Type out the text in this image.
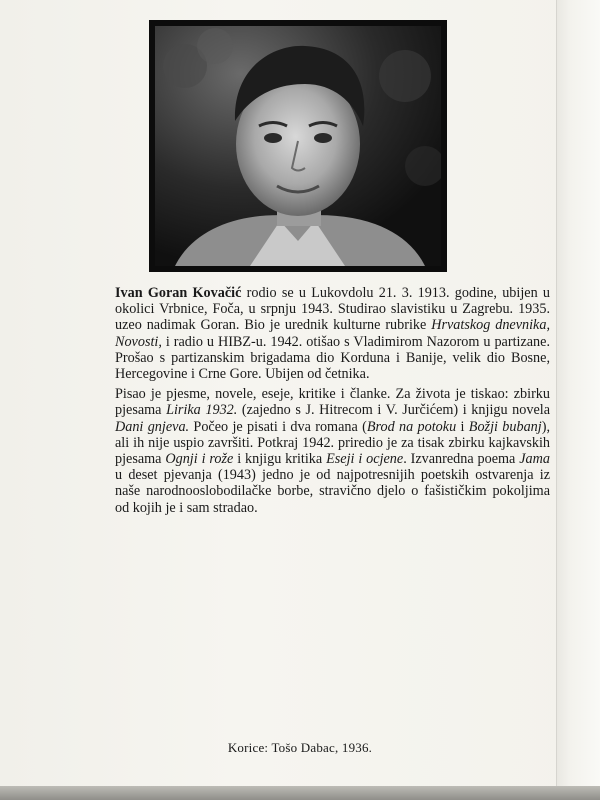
Ivan Goran Kovačić rodio se u Lukovdolu 21. 3. 1913. godine, ubijen u okolici Vrbnice, Foča, u srpnju 1943. Studirao slavistiku u Zagrebu. 1935. uzeo nadimak Goran. Bio je urednik kulturne rubrike Hrvatskog dnevnika, Novosti, i radio u HIBZ-u. 1942. otišao s Vladimirom Nazorom u partizane. Prošao s partizanskim brigadama dio Korduna i Banije, velik dio Bosne, Hercegovine i Crne Gore. Ubijen od četnika.

Pisao je pjesme, novele, eseje, kritike i članke. Za života je tiskao: zbirku pjesama Lirika 1932. (zajedno s J. Hitrecom i V. Jurčićem) i knjigu novela Dani gnjeva. Počeo je pisati i dva romana (Brod na potoku i Božji bubanj), ali ih nije uspio završiti. Potkraj 1942. priredio je za tisak zbirku kajkavskih pjesama Ognji i rože i knjigu kritika Eseji i ocjene. Izvanredna poema Jama u deset pjevanja (1943) jedno je od najpotresnijih poetskih ostvarenja iz naše narodnooslobodilačke borbe, stravično djelo o fašističkim pokoljima od kojih je i sam stradao.

Korice: Tošo Dabac, 1936.
